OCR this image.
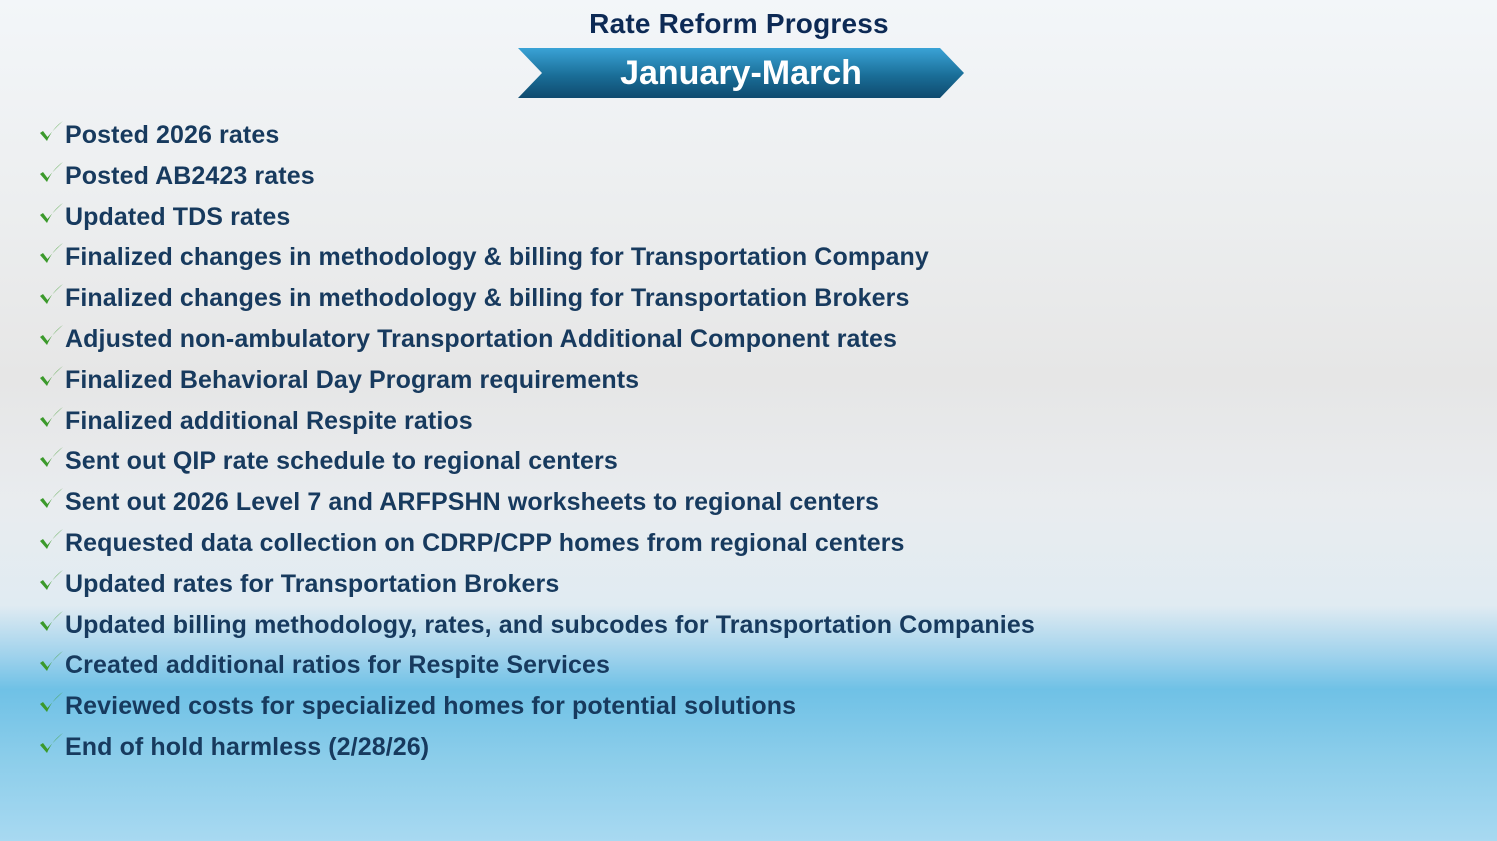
Rate Reform Progress
January-March
Posted 2026 rates
Posted AB2423 rates
Updated TDS rates
Finalized changes in methodology & billing for Transportation Company
Finalized changes in methodology & billing for Transportation Brokers
Adjusted non-ambulatory Transportation Additional Component rates
Finalized Behavioral Day Program requirements
Finalized additional Respite ratios
Sent out QIP rate schedule to regional centers
Sent out 2026 Level 7 and ARFPSHN worksheets to regional centers
Requested data collection on CDRP/CPP homes from regional centers
Updated rates for Transportation Brokers
Updated billing methodology, rates, and subcodes for Transportation Companies
Created additional ratios for Respite Services
Reviewed costs for specialized homes for potential solutions
End of hold harmless (2/28/26)
